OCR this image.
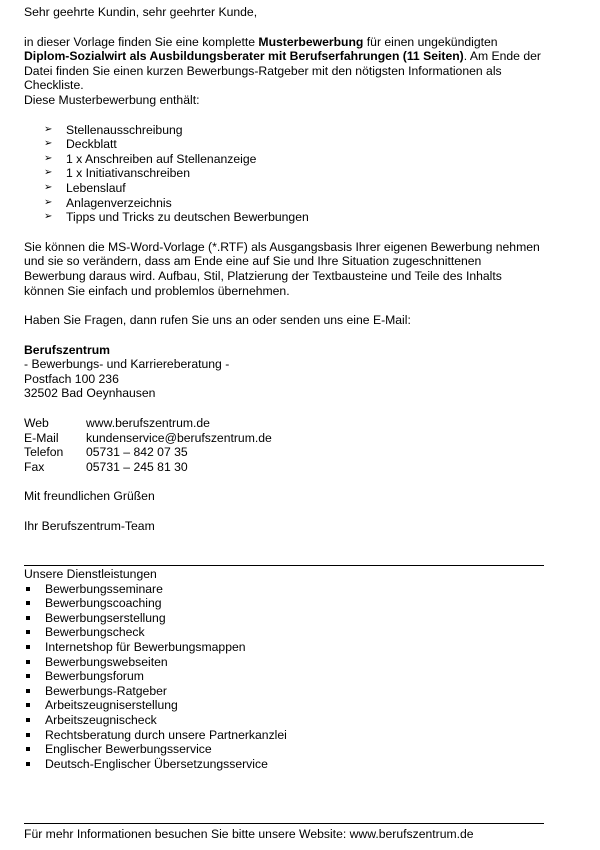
Sehr geehrte Kundin, sehr geehrter Kunde,

in dieser Vorlage finden Sie eine komplette Musterbewerbung für einen ungekündigten Diplom-Sozialwirt als Ausbildungsberater mit Berufserfahrungen (11 Seiten). Am Ende der Datei finden Sie einen kurzen Bewerbungs-Ratgeber mit den nötigsten Informationen als Checkliste.

Diese Musterbewerbung enthält:

➢ Stellenausschreibung
➢ Deckblatt
➢ 1 x Anschreiben auf Stellenanzeige
➢ 1 x Initiativanschreiben
➢ Lebenslauf
➢ Anlagenverzeichnis
➢ Tipps und Tricks zu deutschen Bewerbungen

Sie können die MS-Word-Vorlage (*.RTF) als Ausgangsbasis Ihrer eigenen Bewerbung nehmen und sie so verändern, dass am Ende eine auf Sie und Ihre Situation zugeschnittenen Bewerbung daraus wird. Aufbau, Stil, Platzierung der Textbausteine und Teile des Inhalts können Sie einfach und problemlos übernehmen.

Haben Sie Fragen, dann rufen Sie uns an oder senden uns eine E-Mail:

Berufszentrum

- Bewerbungs- und Karriereberatung -

Postfach 100 236

32502 Bad Oeynhausen

Web	www.berufszentrum.de
E-Mail	kundenservice@berufszentrum.de
Telefon	05731 – 842 07 35
Fax	05731 – 245 81 30

Mit freundlichen Grüßen

Ihr Berufszentrum-Team

Unsere Dienstleistungen

Bewerbungsseminare
Bewerbungscoaching
Bewerbungserstellung
Bewerbungscheck
Internetshop für Bewerbungsmappen
Bewerbungswebseiten
Bewerbungsforum
Bewerbungs-Ratgeber
Arbeitszeugniserstellung
Arbeitszeugnischeck
Rechtsberatung durch unsere Partnerkanzlei
Englischer Bewerbungsservice
Deutsch-Englischer Übersetzungsservice

Für mehr Informationen besuchen Sie bitte unsere Website: www.berufszentrum.de
